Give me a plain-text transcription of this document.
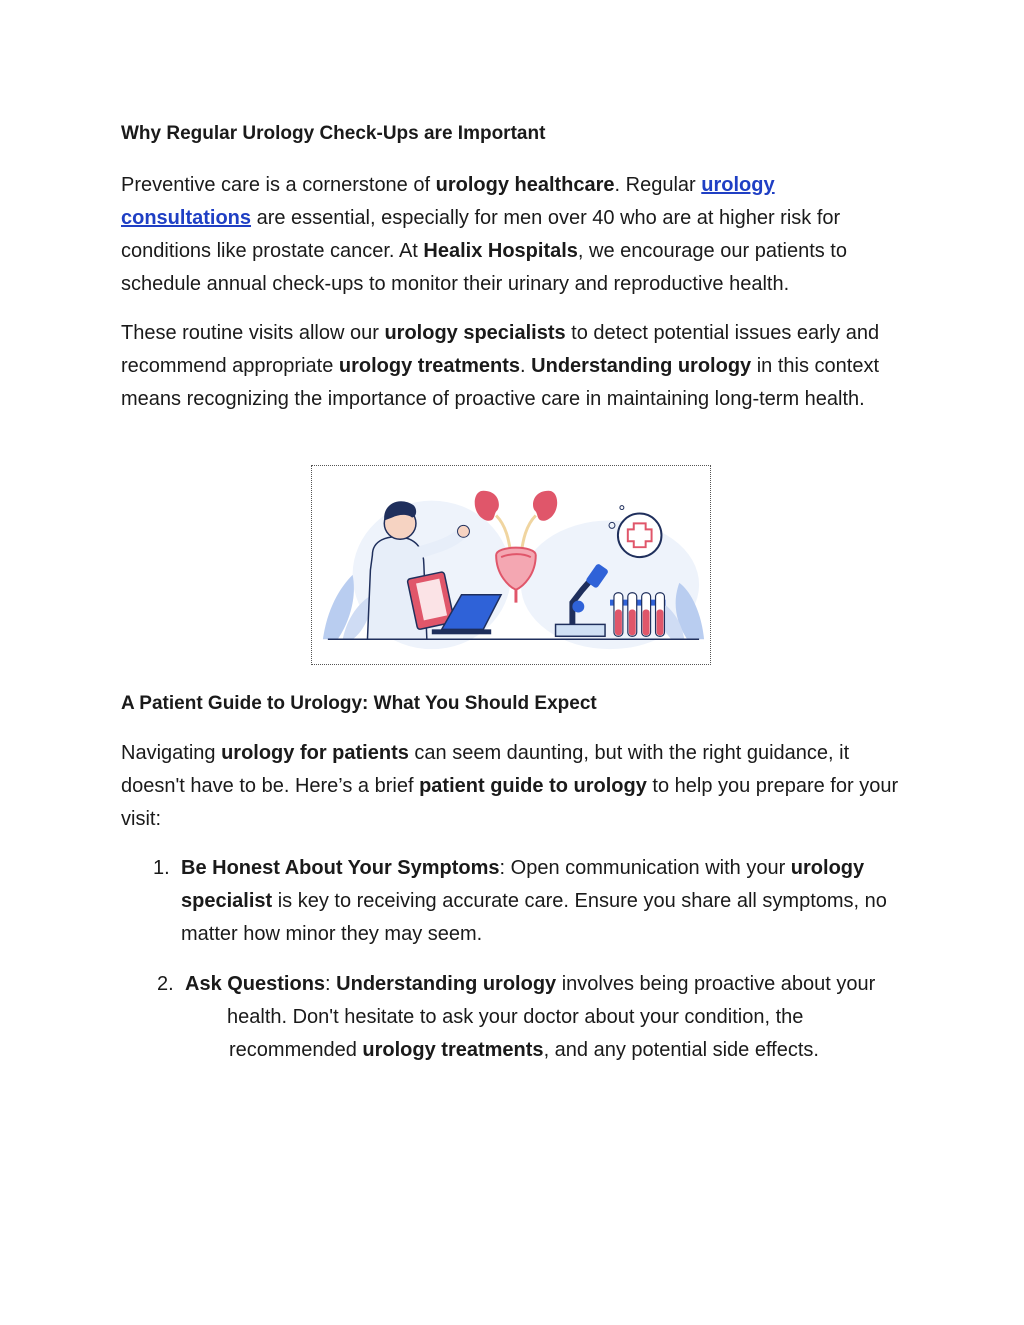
Why Regular Urology Check-Ups are Important

Preventive care is a cornerstone of urology healthcare. Regular urology
consultations are essential, especially for men over 40 who are at higher risk for conditions like prostate cancer. At Healix Hospitals, we encourage our patients to schedule annual check-ups to monitor their urinary and reproductive health.

These routine visits allow our urology specialists to detect potential issues early and recommend appropriate urology treatments. Understanding urology in this context means recognizing the importance of proactive care in maintaining long-term health.

A Patient Guide to Urology: What You Should Expect

Navigating urology for patients can seem daunting, but with the right guidance, it doesn't have to be. Here’s a brief patient guide to urology to help you prepare for your visit:

1. Be Honest About Your Symptoms: Open communication with your urology specialist is key to receiving accurate care. Ensure you share all symptoms, no matter how minor they may seem.

2. Ask Questions: Understanding urology involves being proactive about your

health. Don't hesitate to ask your doctor about your condition, the

recommended urology treatments, and any potential side effects.
